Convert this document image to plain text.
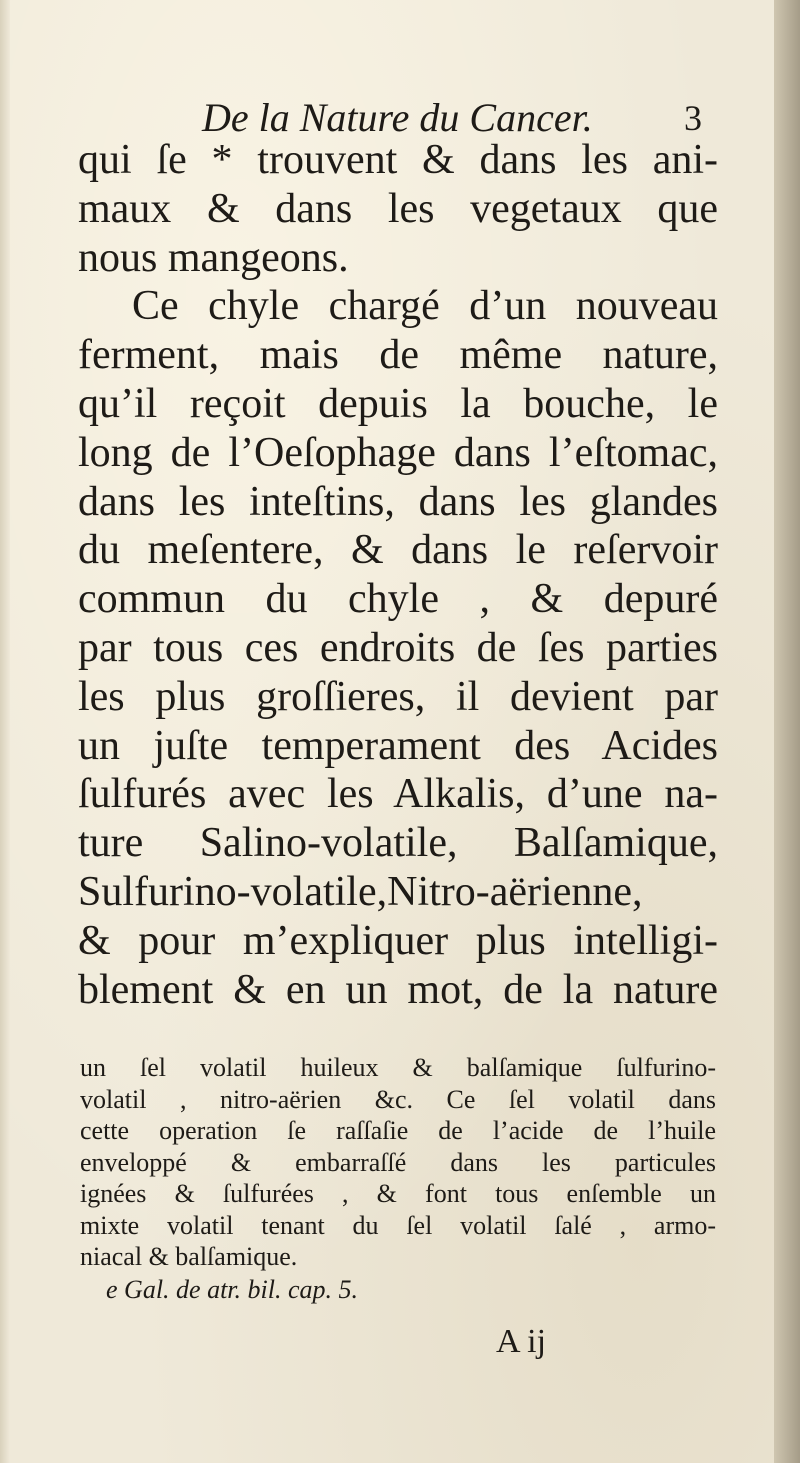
De la Nature du Cancer.	3
qui ſe * trouvent & dans les ani-
maux & dans les vegetaux que
nous mangeons.
Ce chyle chargé d’un nouveau
ferment, mais de même nature,
qu’il reçoit depuis la bouche, le
long de l’Oeſophage dans l’eſtomac,
dans les inteſtins, dans les glandes
du meſentere, & dans le reſervoir
commun du chyle , & depuré
par tous ces endroits de ſes parties
les plus groſſieres, il devient par
un juſte temperament des Acides
ſulfurés avec les Alkalis, d’une na-
ture Salino-volatile, Balſamique,
Sulfurino-volatile,Nitro-aërienne,
& pour m’expliquer plus intelligi-
blement & en un mot, de la nature
un ſel volatil huileux & balſamique ſulfurino-
volatil , nitro-aërien &c. Ce ſel volatil dans
cette operation ſe raſſaſie de l’acide de l’huile
enveloppé & embarraſſé dans les particules
ignées & ſulfurées , & font tous enſemble un
mixte volatil tenant du ſel volatil ſalé , armo-
niacal & balſamique.
e Gal. de atr. bil. cap. 5.
A ij
